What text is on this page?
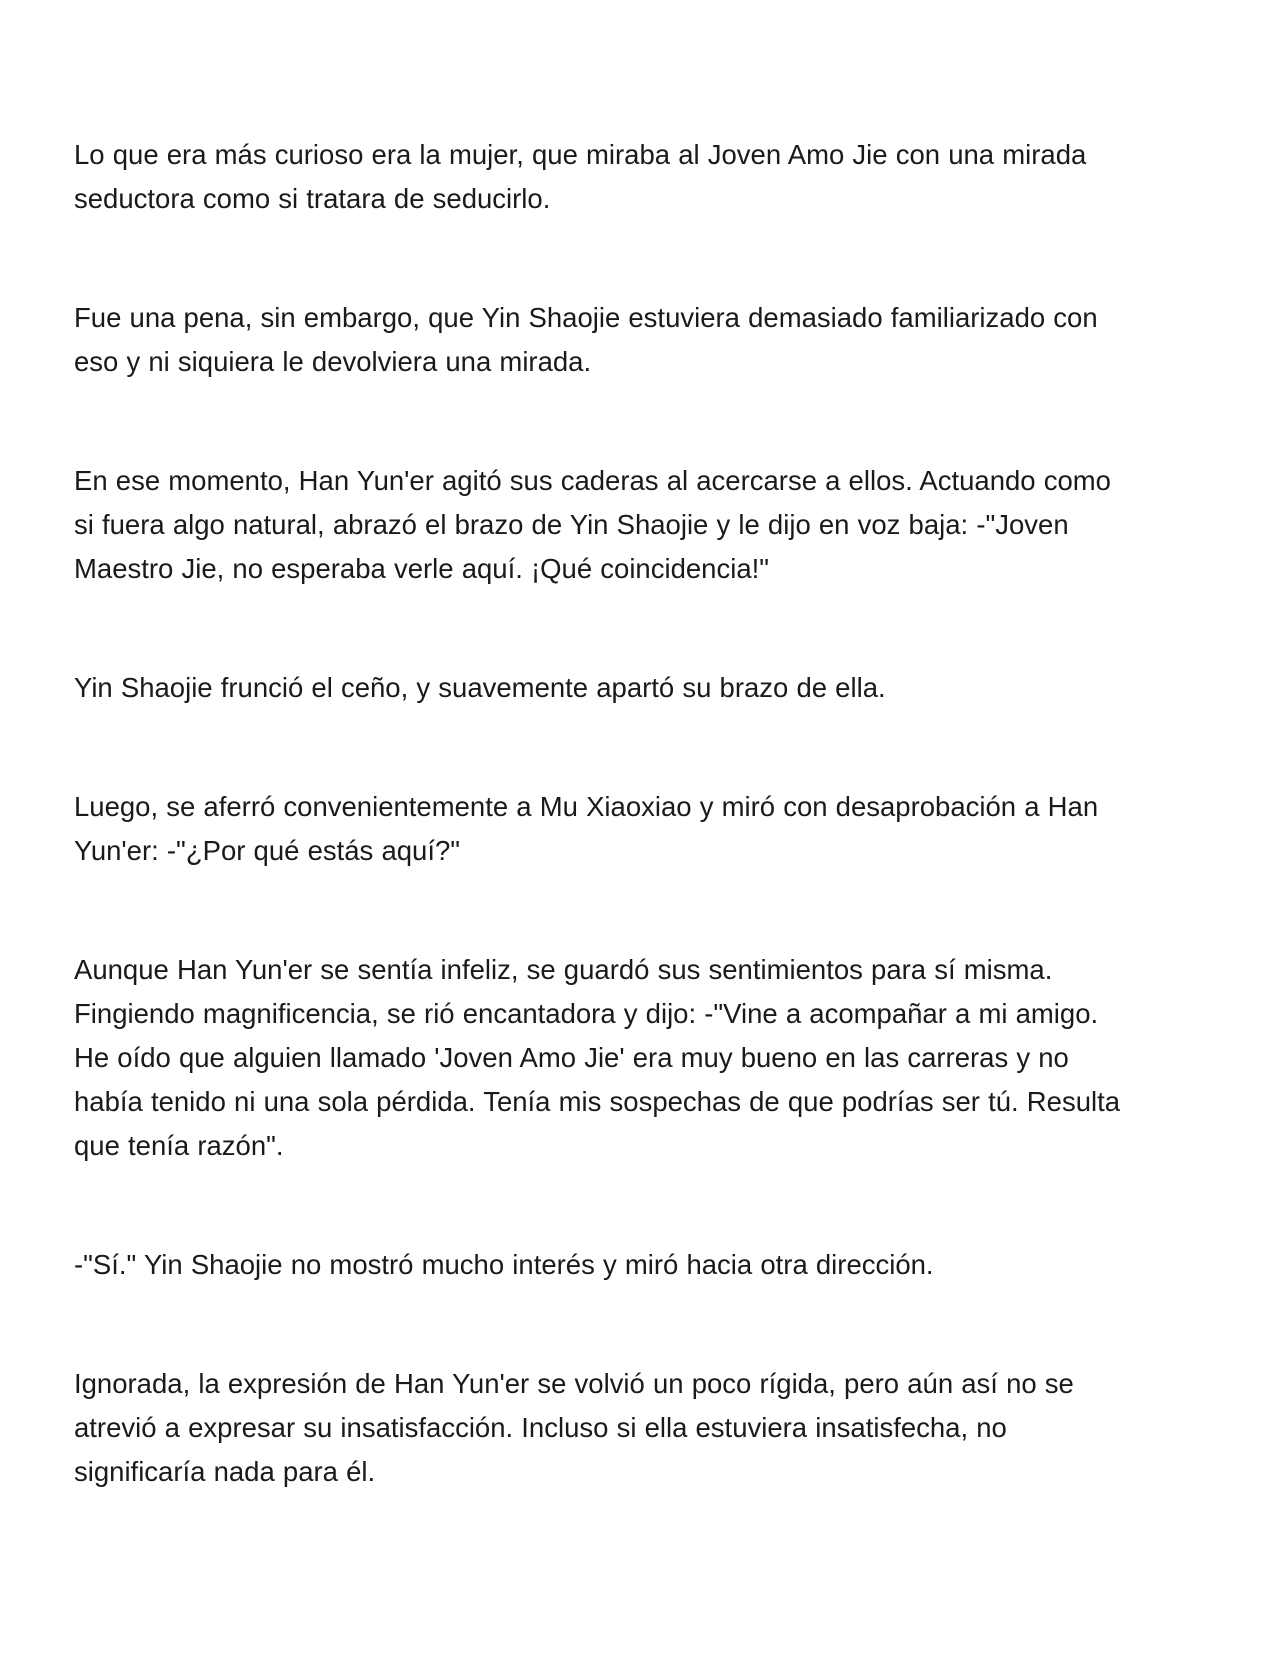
Lo que era más curioso era la mujer, que miraba al Joven Amo Jie con una mirada
seductora como si tratara de seducirlo.

Fue una pena, sin embargo, que Yin Shaojie estuviera demasiado familiarizado con
eso y ni siquiera le devolviera una mirada.

En ese momento, Han Yun'er agitó sus caderas al acercarse a ellos. Actuando como
si fuera algo natural, abrazó el brazo de Yin Shaojie y le dijo en voz baja: -"Joven
Maestro Jie, no esperaba verle aquí. ¡Qué coincidencia!"

Yin Shaojie frunció el ceño, y suavemente apartó su brazo de ella.

Luego, se aferró convenientemente a Mu Xiaoxiao y miró con desaprobación a Han
Yun'er: -"¿Por qué estás aquí?"

Aunque Han Yun'er se sentía infeliz, se guardó sus sentimientos para sí misma.
Fingiendo magnificencia, se rió encantadora y dijo: -"Vine a acompañar a mi amigo.
He oído que alguien llamado 'Joven Amo Jie' era muy bueno en las carreras y no
había tenido ni una sola pérdida. Tenía mis sospechas de que podrías ser tú. Resulta
que tenía razón".

-"Sí." Yin Shaojie no mostró mucho interés y miró hacia otra dirección.

Ignorada, la expresión de Han Yun'er se volvió un poco rígida, pero aún así no se
atrevió a expresar su insatisfacción. Incluso si ella estuviera insatisfecha, no
significaría nada para él.
